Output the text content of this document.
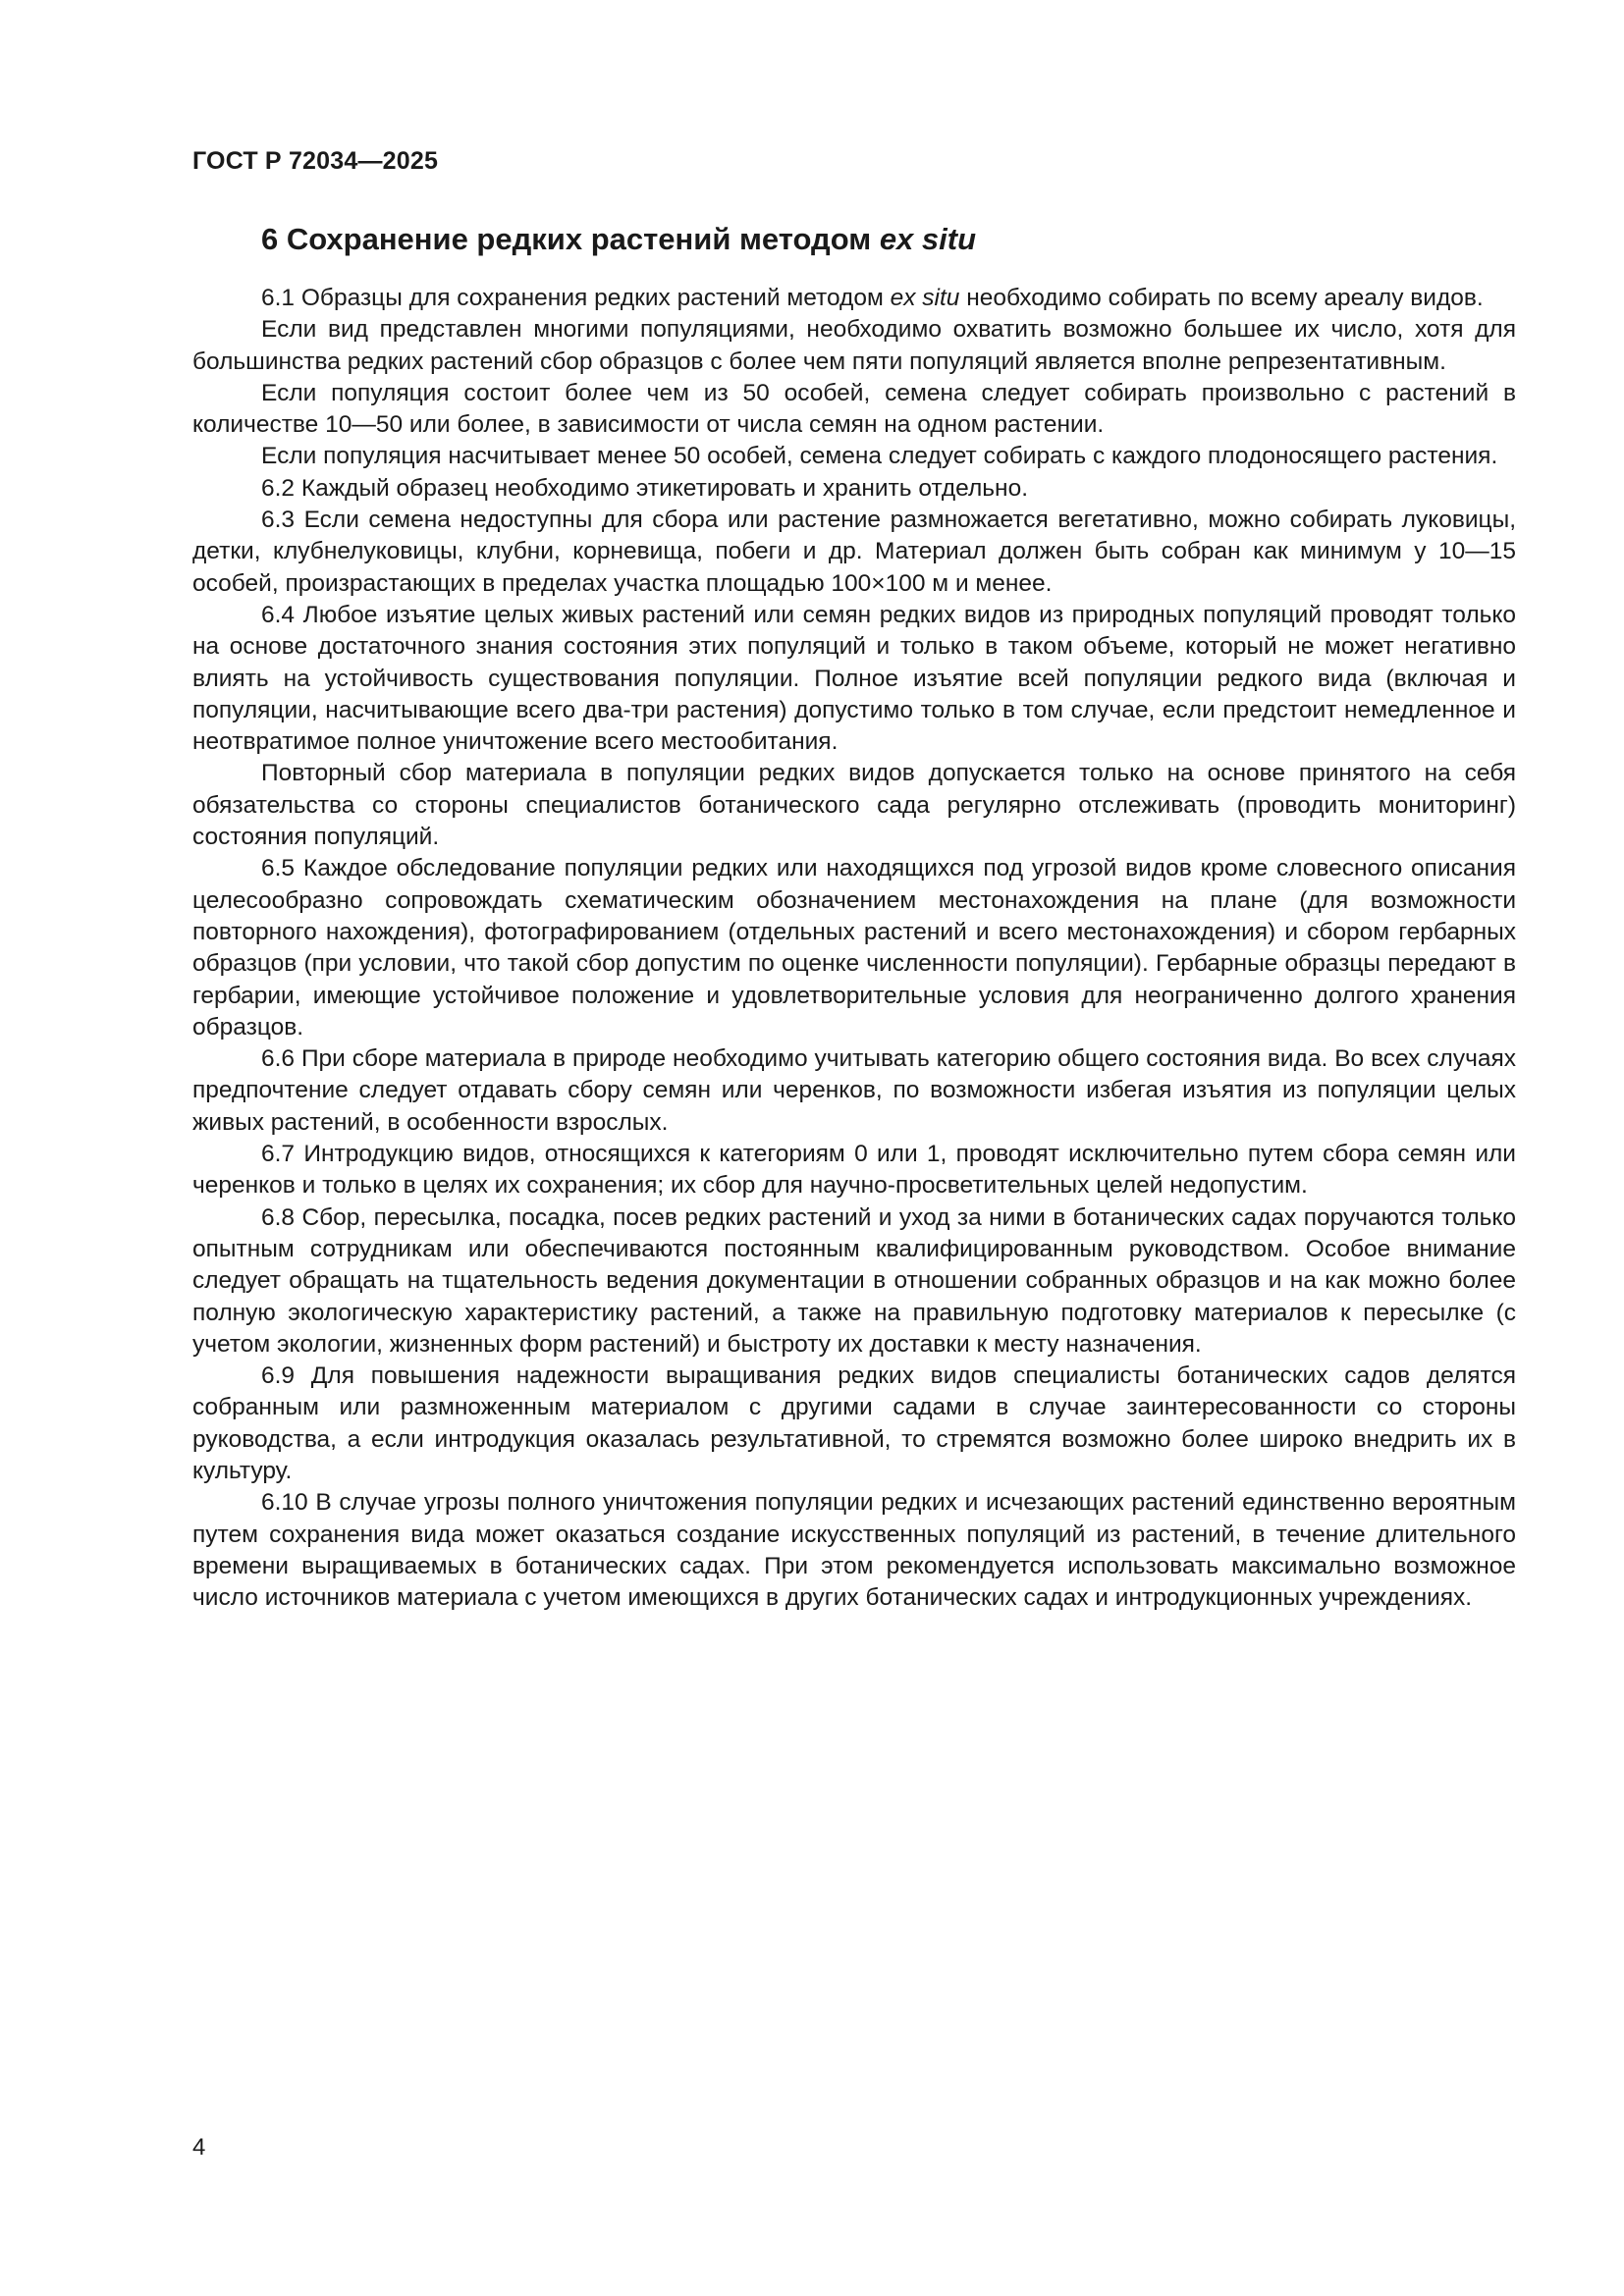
ГОСТ Р 72034—2025
6 Сохранение редких растений методом ex situ

6.1 Образцы для сохранения редких растений методом ex situ необходимо собирать по всему ареалу видов.

Если вид представлен многими популяциями, необходимо охватить возможно большее их число, хотя для большинства редких растений сбор образцов с более чем пяти популяций является вполне репрезентативным.

Если популяция состоит более чем из 50 особей, семена следует собирать произвольно с растений в количестве 10—50 или более, в зависимости от числа семян на одном растении.

Если популяция насчитывает менее 50 особей, семена следует собирать с каждого плодоносящего растения.

6.2 Каждый образец необходимо этикетировать и хранить отдельно.

6.3 Если семена недоступны для сбора или растение размножается вегетативно, можно собирать луковицы, детки, клубнелуковицы, клубни, корневища, побеги и др. Материал должен быть собран как минимум у 10—15 особей, произрастающих в пределах участка площадью 100×100 м и менее.

6.4 Любое изъятие целых живых растений или семян редких видов из природных популяций проводят только на основе достаточного знания состояния этих популяций и только в таком объеме, который не может негативно влиять на устойчивость существования популяции. Полное изъятие всей популяции редкого вида (включая и популяции, насчитывающие всего два-три растения) допустимо только в том случае, если предстоит немедленное и неотвратимое полное уничтожение всего местообитания.

Повторный сбор материала в популяции редких видов допускается только на основе принятого на себя обязательства со стороны специалистов ботанического сада регулярно отслеживать (проводить мониторинг) состояния популяций.

6.5 Каждое обследование популяции редких или находящихся под угрозой видов кроме словесного описания целесообразно сопровождать схематическим обозначением местонахождения на плане (для возможности повторного нахождения), фотографированием (отдельных растений и всего местонахождения) и сбором гербарных образцов (при условии, что такой сбор допустим по оценке численности популяции). Гербарные образцы передают в гербарии, имеющие устойчивое положение и удовлетворительные условия для неограниченно долгого хранения образцов.

6.6 При сборе материала в природе необходимо учитывать категорию общего состояния вида. Во всех случаях предпочтение следует отдавать сбору семян или черенков, по возможности избегая изъятия из популяции целых живых растений, в особенности взрослых.

6.7 Интродукцию видов, относящихся к категориям 0 или 1, проводят исключительно путем сбора семян или черенков и только в целях их сохранения; их сбор для научно-просветительных целей недопустим.

6.8 Сбор, пересылка, посадка, посев редких растений и уход за ними в ботанических садах поручаются только опытным сотрудникам или обеспечиваются постоянным квалифицированным руководством. Особое внимание следует обращать на тщательность ведения документации в отношении собранных образцов и на как можно более полную экологическую характеристику растений, а также на правильную подготовку материалов к пересылке (с учетом экологии, жизненных форм растений) и быстроту их доставки к месту назначения.

6.9 Для повышения надежности выращивания редких видов специалисты ботанических садов делятся собранным или размноженным материалом с другими садами в случае заинтересованности со стороны руководства, а если интродукция оказалась результативной, то стремятся возможно более широко внедрить их в культуру.

6.10 В случае угрозы полного уничтожения популяции редких и исчезающих растений единственно вероятным путем сохранения вида может оказаться создание искусственных популяций из растений, в течение длительного времени выращиваемых в ботанических садах. При этом рекомендуется использовать максимально возможное число источников материала с учетом имеющихся в других ботанических садах и интродукционных учреждениях.

4
